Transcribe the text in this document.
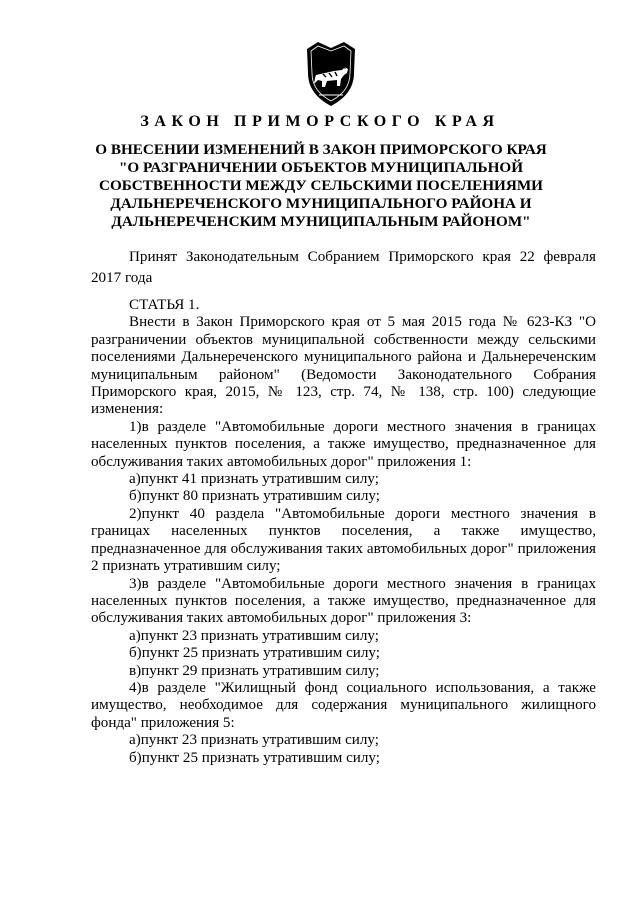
ЗАКОН ПРИМОРСКОГО КРАЯ
О ВНЕСЕНИИ ИЗМЕНЕНИЙ В ЗАКОН ПРИМОРСКОГО КРАЯ
"О РАЗГРАНИЧЕНИИ ОБЪЕКТОВ МУНИЦИПАЛЬНОЙ
СОБСТВЕННОСТИ МЕЖДУ СЕЛЬСКИМИ ПОСЕЛЕНИЯМИ
ДАЛЬНЕРЕЧЕНСКОГО МУНИЦИПАЛЬНОГО РАЙОНА И
ДАЛЬНЕРЕЧЕНСКИМ МУНИЦИПАЛЬНЫМ РАЙОНОМ"

Принят Законодательным Собранием Приморского края 22 февраля 2017 года

СТАТЬЯ 1.

Внести в Закон Приморского края от 5 мая 2015 года № 623-КЗ "О разграничении объектов муниципальной собственности между сельскими поселениями Дальнереченского муниципального района и Дальнереченским муниципальным районом" (Ведомости Законодательного Собрания Приморского края, 2015, № 123, стр. 74, № 138, стр. 100) следующие изменения:

1)в разделе "Автомобильные дороги местного значения в границах населенных пунктов поселения, а также имущество, предназначенное для обслуживания таких автомобильных дорог" приложения 1:

а)пункт 41 признать утратившим силу;

б)пункт 80 признать утратившим силу;

2)пункт 40 раздела "Автомобильные дороги местного значения в границах населенных пунктов поселения, а также имущество, предназначенное для обслуживания таких автомобильных дорог" приложения 2 признать утратившим силу;

3)в разделе "Автомобильные дороги местного значения в границах населенных пунктов поселения, а также имущество, предназначенное для обслуживания таких автомобильных дорог" приложения 3:

а)пункт 23 признать утратившим силу;

б)пункт 25 признать утратившим силу;

в)пункт 29 признать утратившим силу;

4)в разделе "Жилищный фонд социального использования, а также имущество, необходимое для содержания муниципального жилищного фонда" приложения 5:

а)пункт 23 признать утратившим силу;

б)пункт 25 признать утратившим силу;
